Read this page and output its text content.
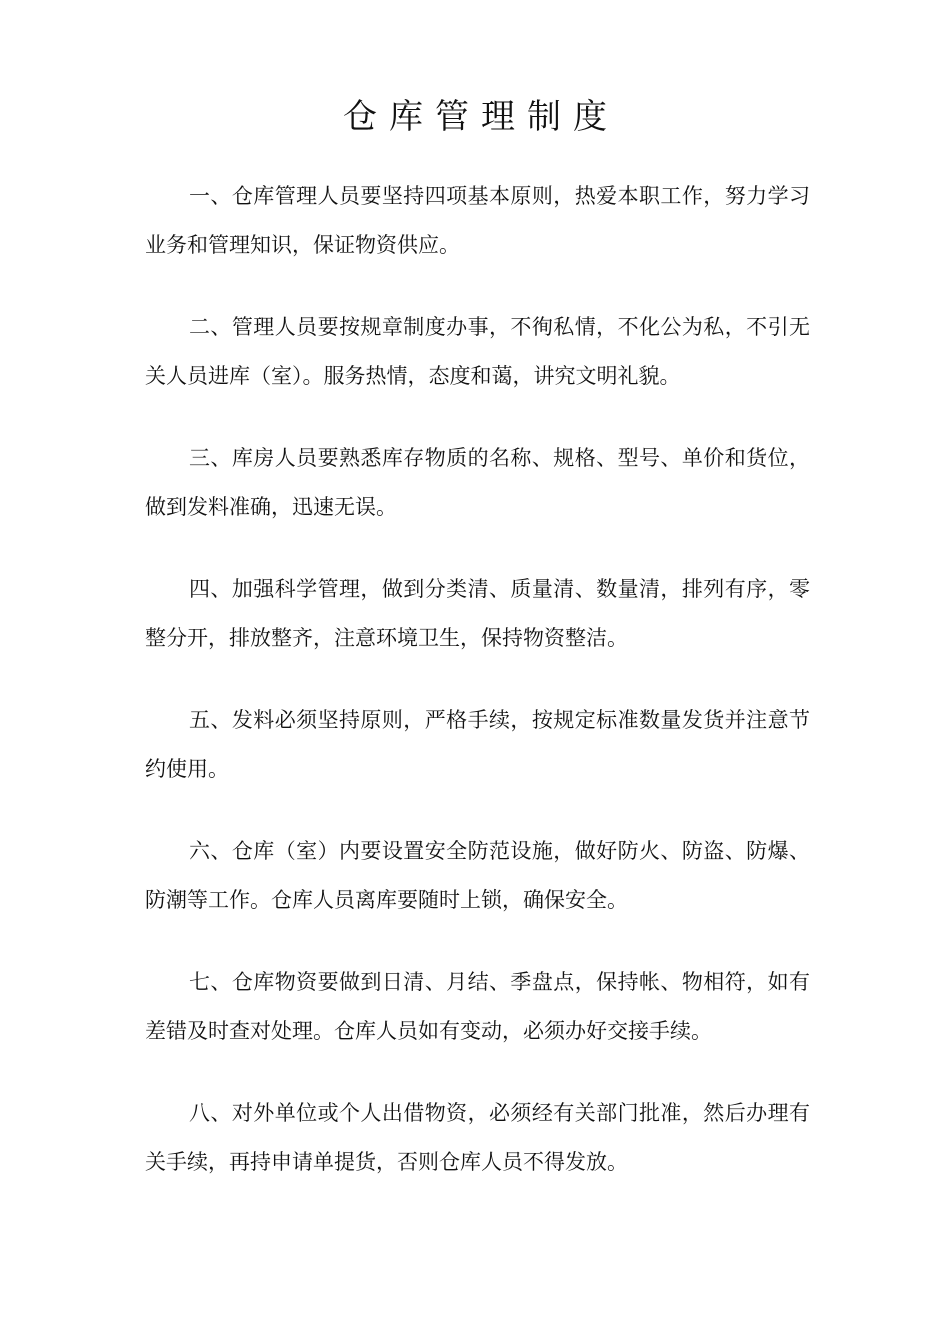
仓库管理制度

一、仓库管理人员要坚持四项基本原则，热爱本职工作，努力学习业务和管理知识，保证物资供应。

二、管理人员要按规章制度办事，不徇私情，不化公为私，不引无关人员进库（室）。服务热情，态度和蔼，讲究文明礼貌。

三、库房人员要熟悉库存物质的名称、规格、型号、单价和货位，做到发料准确，迅速无误。

四、加强科学管理，做到分类清、质量清、数量清，排列有序，零整分开，排放整齐，注意环境卫生，保持物资整洁。

五、发料必须坚持原则，严格手续，按规定标准数量发货并注意节约使用。

六、仓库（室）内要设置安全防范设施，做好防火、防盗、防爆、防潮等工作。仓库人员离库要随时上锁，确保安全。

七、仓库物资要做到日清、月结、季盘点，保持帐、物相符，如有差错及时查对处理。仓库人员如有变动，必须办好交接手续。

八、对外单位或个人出借物资，必须经有关部门批准，然后办理有关手续，再持申请单提货，否则仓库人员不得发放。
